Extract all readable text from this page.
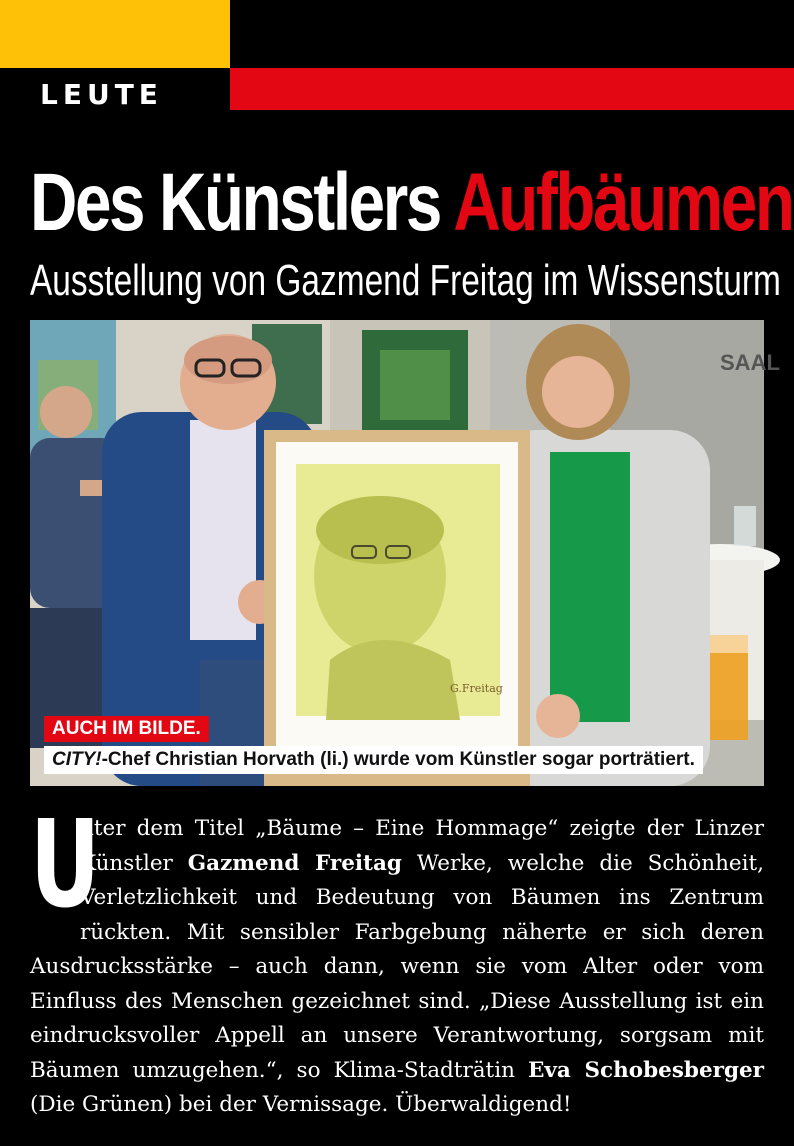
LEUTE
Des Künstlers Aufbäumen
Ausstellung von Gazmend Freitag im Wissensturm
SAAL
G.Freitag
AUCH IM BILDE.
CITY!-Chef Christian Horvath (li.) wurde vom Künstler sogar porträtiert.

U
nter dem Titel „Bäume – Eine Hommage“ zeigte der Linzer Künstler Gazmend Freitag Werke, welche die Schönheit, Verletzlichkeit und Bedeutung von Bäumen ins Zentrum rückten. Mit sensibler Farbgebung näherte er sich deren Ausdrucksstärke – auch dann, wenn sie vom Alter oder vom Einfluss des Menschen gezeichnet sind. „Diese Ausstellung ist ein eindrucksvoller Appell an unsere Verantwortung, sorgsam mit Bäumen umzugehen.“, so Klima-Stadträtin Eva Schobesberger (Die Grünen) bei der Vernissage. Überwaldigend!
